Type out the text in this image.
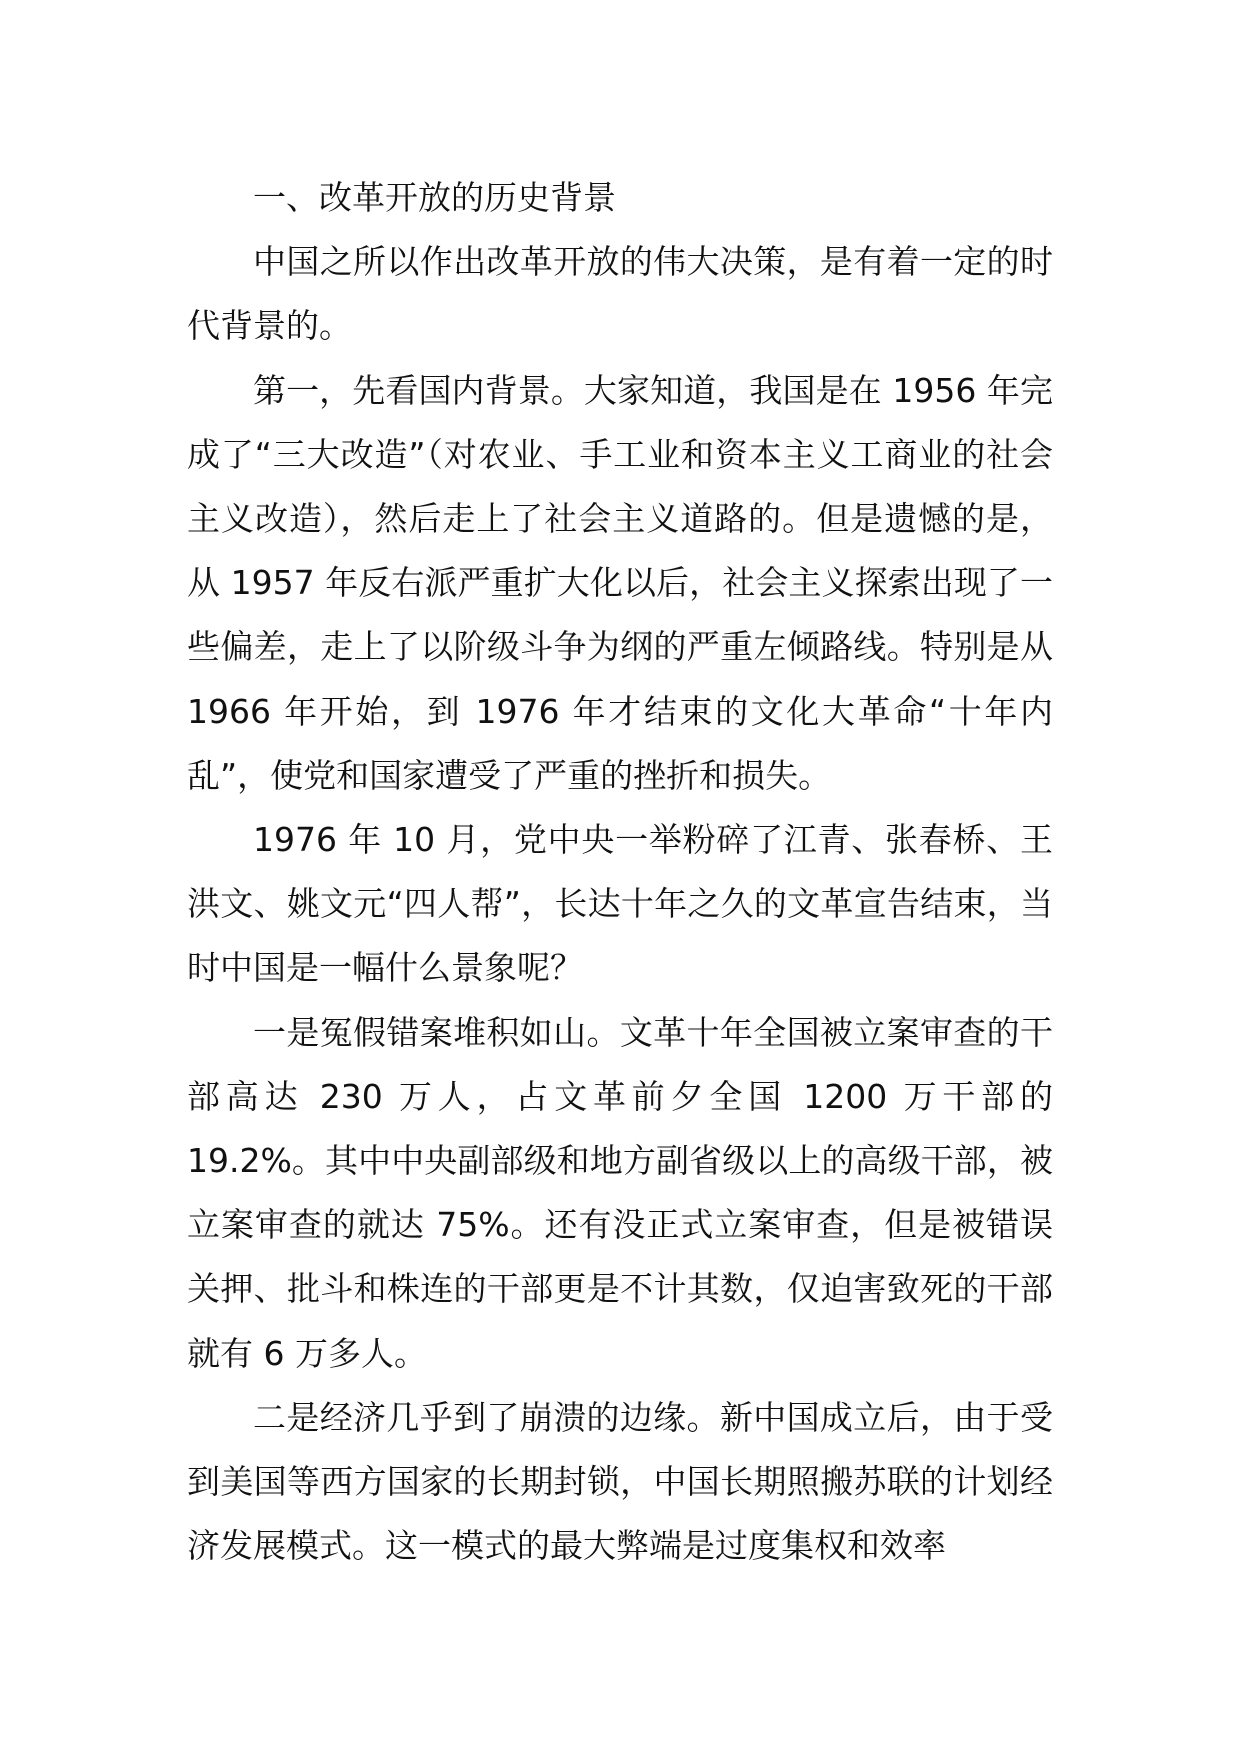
一、改革开放的历史背景

中国之所以作出改革开放的伟大决策，是有着一定的时代背景的。

第一，先看国内背景。大家知道，我国是在 1956 年完成了“三大改造”（对农业、手工业和资本主义工商业的社会主义改造），然后走上了社会主义道路的。但是遗憾的是，从 1957 年反右派严重扩大化以后，社会主义探索出现了一些偏差，走上了以阶级斗争为纲的严重左倾路线。特别是从 1966 年开始，到 1976 年才结束的文化大革命“十年内乱”，使党和国家遭受了严重的挫折和损失。

1976 年 10 月，党中央一举粉碎了江青、张春桥、王洪文、姚文元“四人帮”，长达十年之久的文革宣告结束，当时中国是一幅什么景象呢？

一是冤假错案堆积如山。文革十年全国被立案审查的干部高达 230 万人，占文革前夕全国 1200 万干部的 19.2%。其中中央副部级和地方副省级以上的高级干部，被立案审查的就达 75%。还有没正式立案审查，但是被错误关押、批斗和株连的干部更是不计其数，仅迫害致死的干部就有 6 万多人。

二是经济几乎到了崩溃的边缘。新中国成立后，由于受到美国等西方国家的长期封锁，中国长期照搬苏联的计划经济发展模式。这一模式的最大弊端是过度集权和效率
